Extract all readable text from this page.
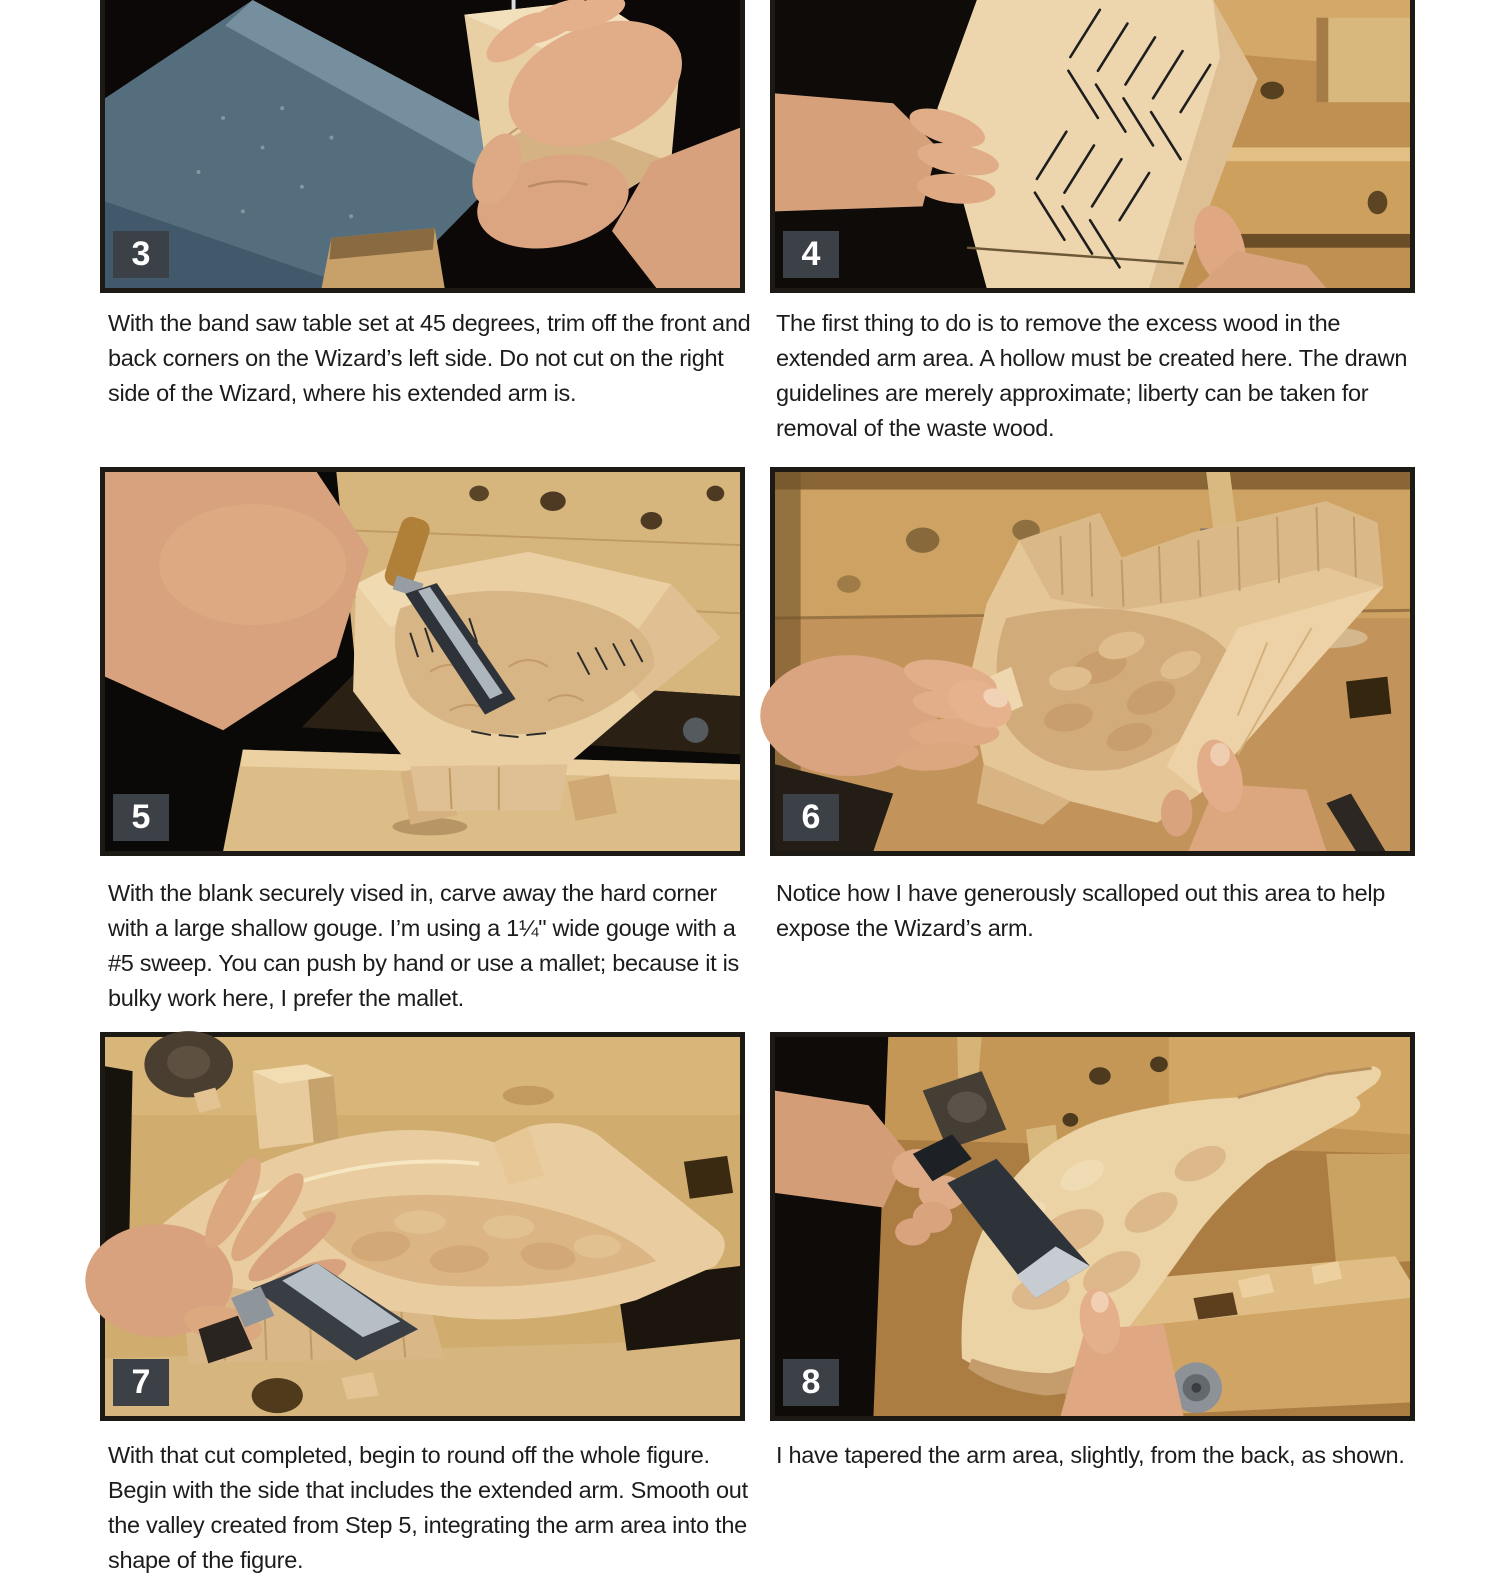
3	4

With the band saw table set at 45 degrees, trim off the front and back corners on the Wizard’s left side. Do not cut on the right side of the Wizard, where his extended arm is.

The first thing to do is to remove the excess wood in the extended arm area. A hollow must be created here. The drawn guidelines are merely approximate; liberty can be taken for removal of the waste wood.

5	6

With the blank securely vised in, carve away the hard corner with a large shallow gouge. I’m using a 1¼" wide gouge with a #5 sweep. You can push by hand or use a mallet; because it is bulky work here, I prefer the mallet.

Notice how I have generously scalloped out this area to help expose the Wizard’s arm.

7	8

With that cut completed, begin to round off the whole figure. Begin with the side that includes the extended arm. Smooth out the valley created from Step 5, integrating the arm area into the shape of the figure.

I have tapered the arm area, slightly, from the back, as shown.
